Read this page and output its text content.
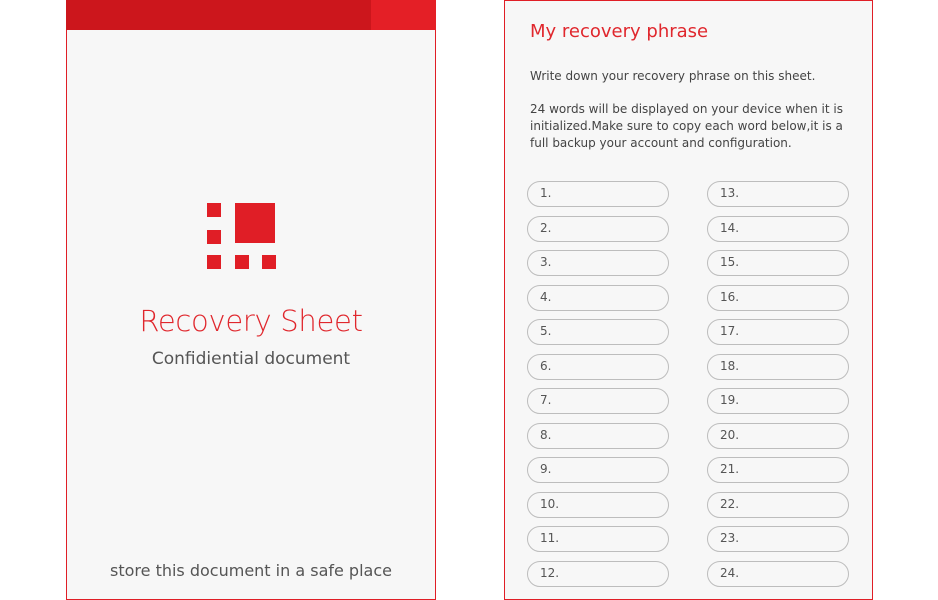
Recovery Sheet
Confidiential document
store this document in a safe place
My recovery phrase
Write down your recovery phrase on this sheet.
24 words will be displayed on your device when it is initialized.Make sure to copy each word below,it is a full backup your account and configuration.
1.
2.
3.
4.
5.
6.
7.
8.
9.
10.
11.
12.
13.
14.
15.
16.
17.
18.
19.
20.
21.
22.
23.
24.
